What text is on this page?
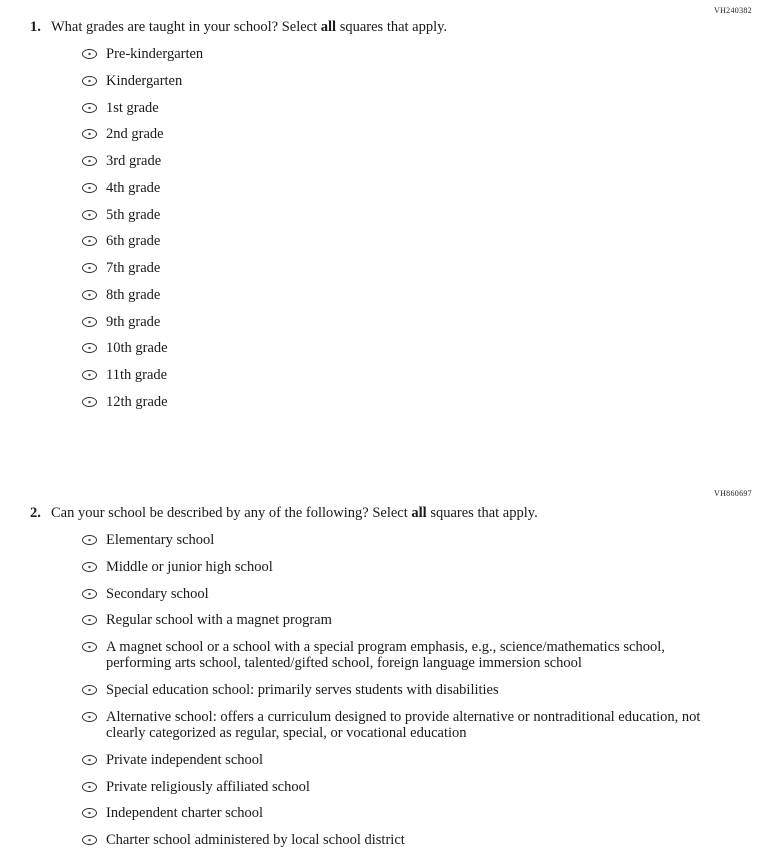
VH240382
1. What grades are taught in your school? Select all squares that apply.
Pre-kindergarten
Kindergarten
1st grade
2nd grade
3rd grade
4th grade
5th grade
6th grade
7th grade
8th grade
9th grade
10th grade
11th grade
12th grade
VH860697
2. Can your school be described by any of the following? Select all squares that apply.
Elementary school
Middle or junior high school
Secondary school
Regular school with a magnet program
A magnet school or a school with a special program emphasis, e.g., science/mathematics school, performing arts school, talented/gifted school, foreign language immersion school
Special education school: primarily serves students with disabilities
Alternative school: offers a curriculum designed to provide alternative or nontraditional education, not clearly categorized as regular, special, or vocational education
Private independent school
Private religiously affiliated school
Independent charter school
Charter school administered by local school district
